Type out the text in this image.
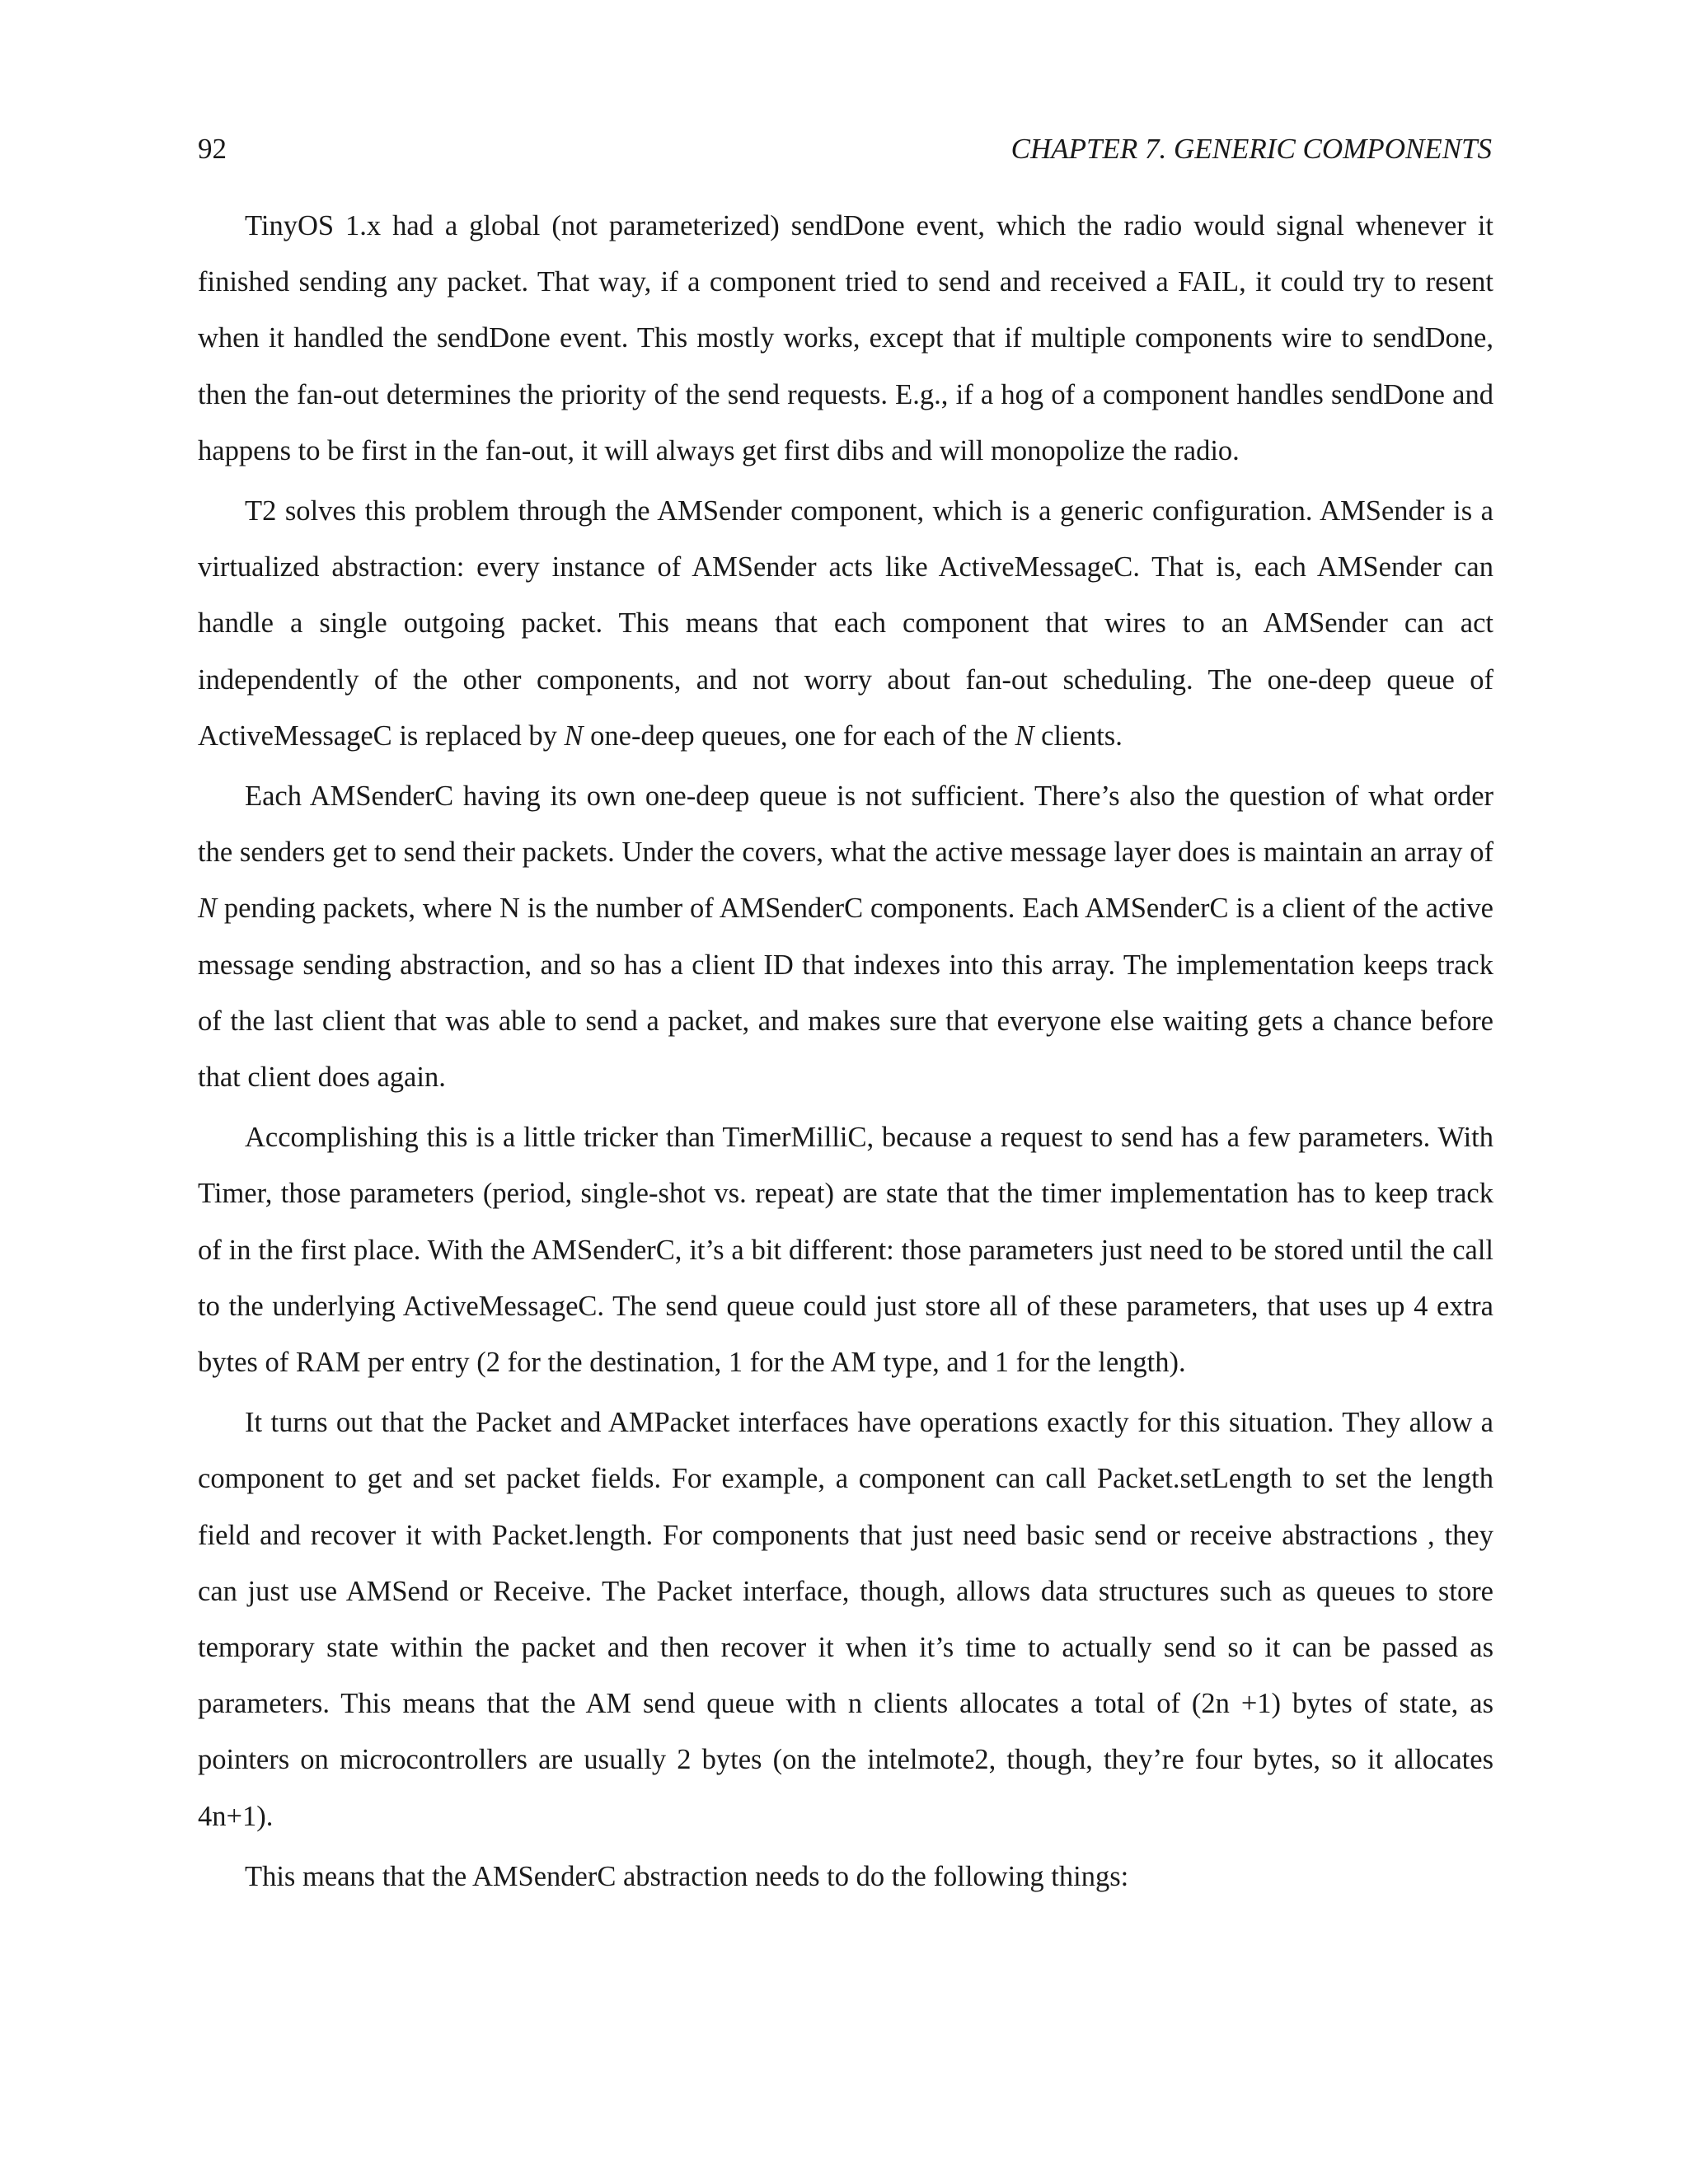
92	CHAPTER 7. GENERIC COMPONENTS

TinyOS 1.x had a global (not parameterized) sendDone event, which the radio would signal whenever it finished sending any packet. That way, if a component tried to send and received a FAIL, it could try to resent when it handled the sendDone event. This mostly works, except that if multiple components wire to sendDone, then the fan-out determines the priority of the send requests. E.g., if a hog of a component handles sendDone and happens to be first in the fan-out, it will always get first dibs and will monopolize the radio.

T2 solves this problem through the AMSender component, which is a generic configuration. AMSender is a virtualized abstraction: every instance of AMSender acts like ActiveMessageC. That is, each AMSender can handle a single outgoing packet. This means that each component that wires to an AMSender can act independently of the other components, and not worry about fan-out scheduling. The one-deep queue of ActiveMessageC is replaced by N one-deep queues, one for each of the N clients.

Each AMSenderC having its own one-deep queue is not sufficient. There’s also the question of what order the senders get to send their packets. Under the covers, what the active message layer does is maintain an array of N pending packets, where N is the number of AMSenderC components. Each AMSenderC is a client of the active message sending abstraction, and so has a client ID that indexes into this array. The implementation keeps track of the last client that was able to send a packet, and makes sure that everyone else waiting gets a chance before that client does again.

Accomplishing this is a little tricker than TimerMilliC, because a request to send has a few parameters. With Timer, those parameters (period, single-shot vs. repeat) are state that the timer implementation has to keep track of in the first place. With the AMSenderC, it’s a bit different: those parameters just need to be stored until the call to the underlying ActiveMessageC. The send queue could just store all of these parameters, that uses up 4 extra bytes of RAM per entry (2 for the destination, 1 for the AM type, and 1 for the length).

It turns out that the Packet and AMPacket interfaces have operations exactly for this situation. They allow a component to get and set packet fields. For example, a component can call Packet.setLength to set the length field and recover it with Packet.length. For components that just need basic send or receive abstractions , they can just use AMSend or Receive. The Packet interface, though, allows data structures such as queues to store temporary state within the packet and then recover it when it’s time to actually send so it can be passed as parameters. This means that the AM send queue with n clients allocates a total of (2n +1) bytes of state, as pointers on microcontrollers are usually 2 bytes (on the intelmote2, though, they’re four bytes, so it allocates 4n+1).

This means that the AMSenderC abstraction needs to do the following things:
